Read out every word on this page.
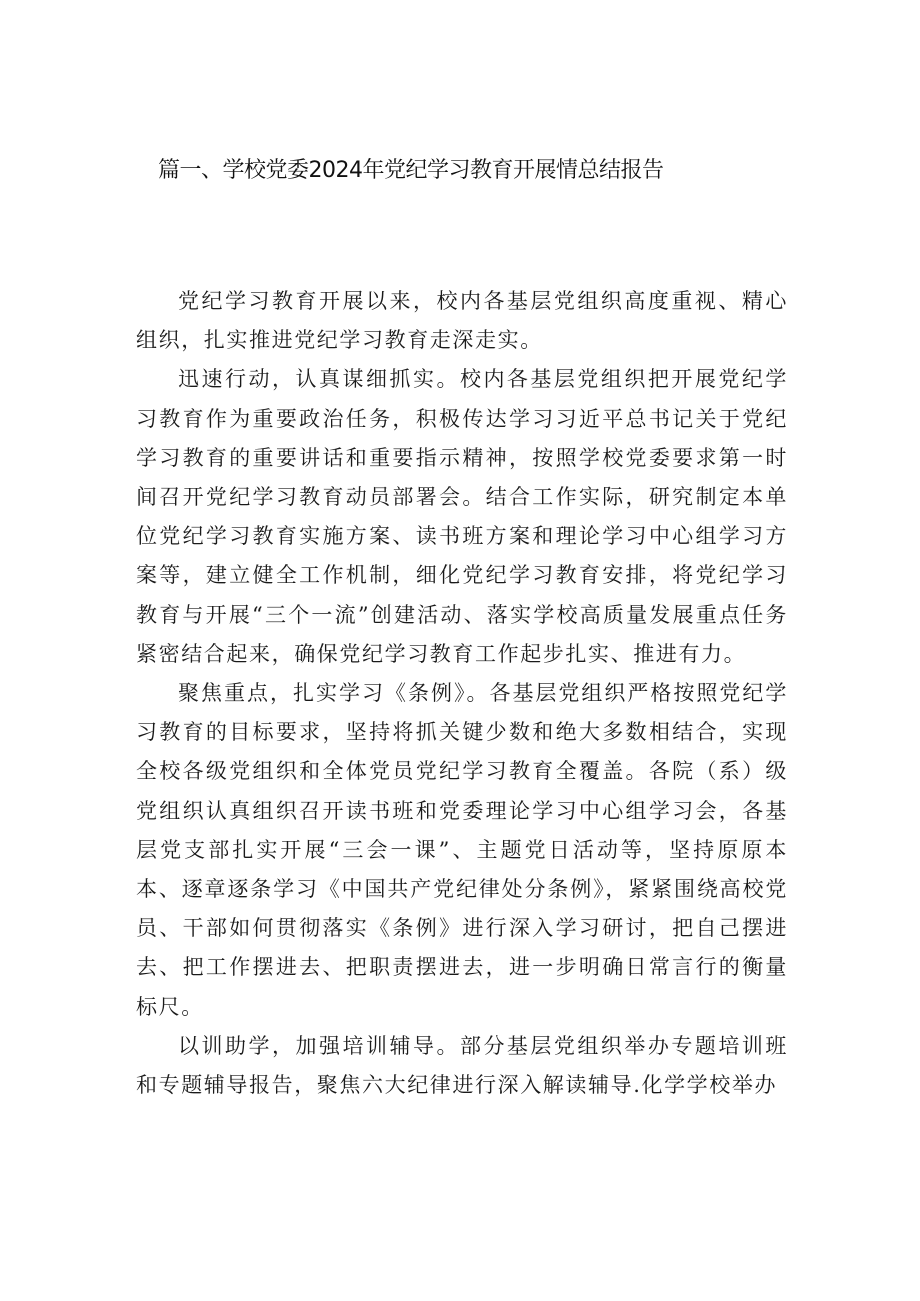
篇一、学校党委2024年党纪学习教育开展情总结报告

党纪学习教育开展以来，校内各基层党组织高度重视、精心组织，扎实推进党纪学习教育走深走实。

迅速行动，认真谋细抓实。校内各基层党组织把开展党纪学习教育作为重要政治任务，积极传达学习习近平总书记关于党纪学习教育的重要讲话和重要指示精神，按照学校党委要求第一时间召开党纪学习教育动员部署会。结合工作实际，研究制定本单位党纪学习教育实施方案、读书班方案和理论学习中心组学习方案等，建立健全工作机制，细化党纪学习教育安排，将党纪学习教育与开展“三个一流”创建活动、落实学校高质量发展重点任务紧密结合起来，确保党纪学习教育工作起步扎实、推进有力。

聚焦重点，扎实学习《条例》。各基层党组织严格按照党纪学习教育的目标要求，坚持将抓关键少数和绝大多数相结合，实现全校各级党组织和全体党员党纪学习教育全覆盖。各院（系）级党组织认真组织召开读书班和党委理论学习中心组学习会，各基层党支部扎实开展“三会一课”、主题党日活动等，坚持原原本本、逐章逐条学习《中国共产党纪律处分条例》，紧紧围绕高校党员、干部如何贯彻落实《条例》进行深入学习研讨，把自己摆进去、把工作摆进去、把职责摆进去，进一步明确日常言行的衡量标尺。

以训助学，加强培训辅导。部分基层党组织举办专题培训班和专题辅导报告，聚焦六大纪律进行深入解读辅导.化学学校举办
